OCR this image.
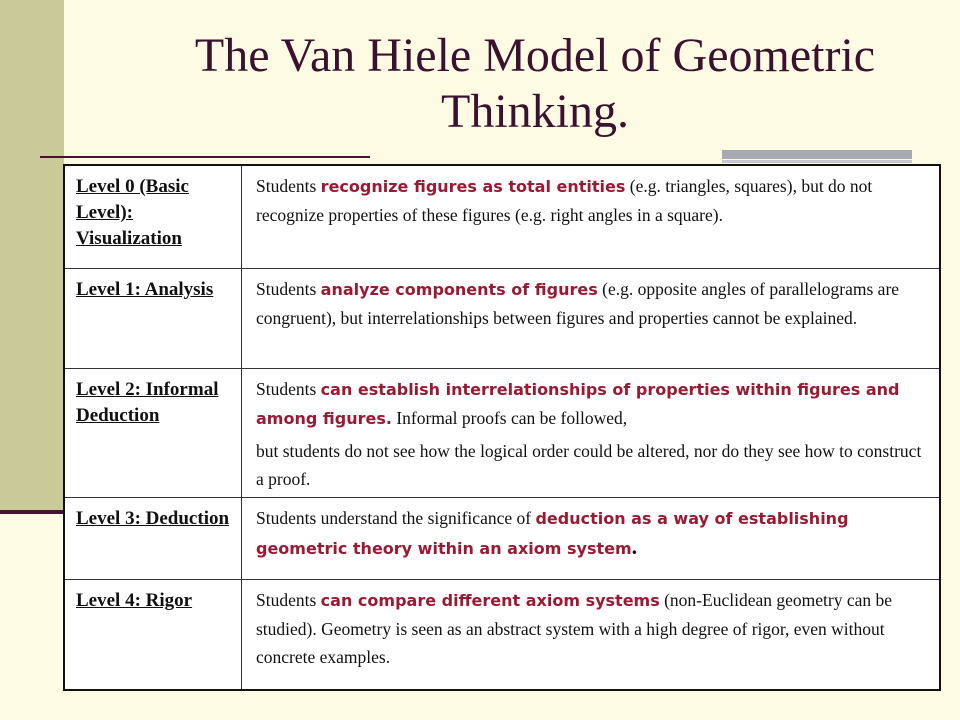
The Van Hiele Model of Geometric Thinking.
Level 0 (Basic Level): Visualization	Students recognize figures as total entities (e.g. triangles, squares), but do not recognize properties of these figures (e.g. right angles in a square).
Level 1: Analysis	Students analyze components of figures (e.g. opposite angles of parallelograms are congruent), but interrelationships between figures and properties cannot be explained.
Level 2: Informal Deduction	Students can establish interrelationships of properties within figures and among figures. Informal proofs can be followed,
but students do not see how the logical order could be altered, nor do they see how to construct a proof.

Level 3: Deduction	Students understand the significance of deduction as a way of establishing geometric theory within an axiom system.
Level 4: Rigor	Students can compare different axiom systems (non-Euclidean geometry can be studied). Geometry is seen as an abstract system with a high degree of rigor, even without concrete examples.
